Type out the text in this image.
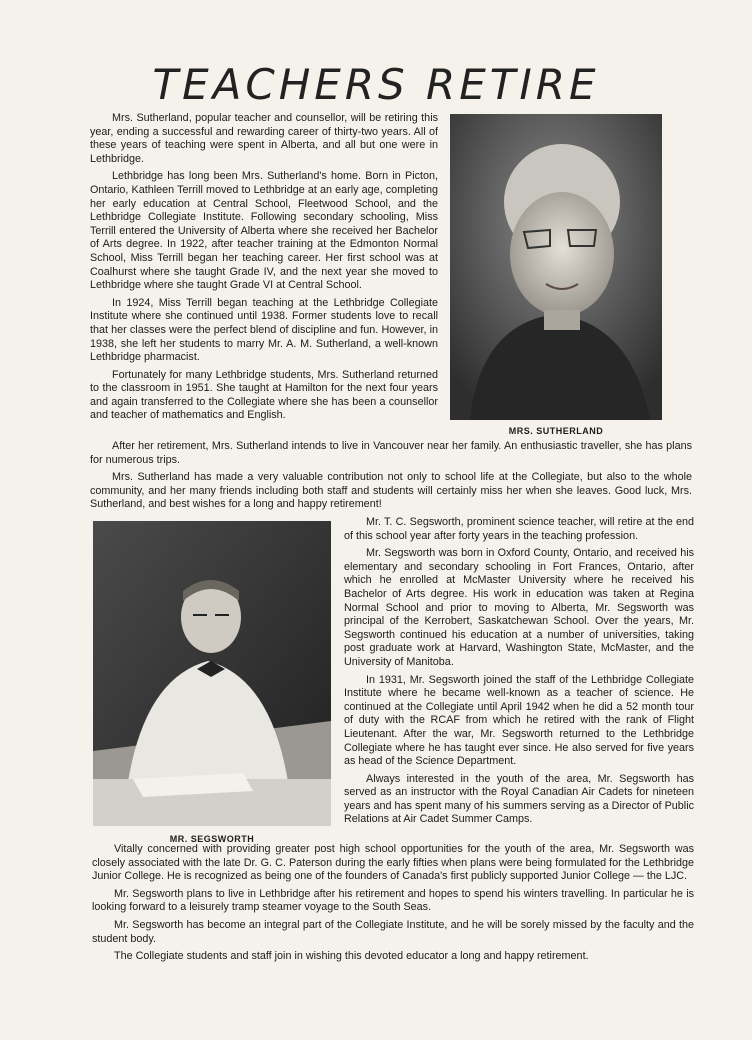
TEACHERS RETIRE

Mrs. Sutherland, popular teacher and counsellor, will be retiring this year, ending a successful and rewarding career of thirty-two years. All of these years of teaching were spent in Alberta, and all but one were in Lethbridge.

Lethbridge has long been Mrs. Sutherland's home. Born in Picton, Ontario, Kathleen Terrill moved to Lethbridge at an early age, completing her early education at Central School, Fleetwood School, and the Lethbridge Collegiate Institute. Following secondary schooling, Miss Terrill entered the University of Alberta where she received her Bachelor of Arts degree. In 1922, after teacher training at the Edmonton Normal School, Miss Terrill began her teaching career. Her first school was at Coalhurst where she taught Grade IV, and the next year she moved to Lethbridge where she taught Grade VI at Central School.

In 1924, Miss Terrill began teaching at the Lethbridge Collegiate Institute where she continued until 1938. Former students love to recall that her classes were the perfect blend of discipline and fun. However, in 1938, she left her students to marry Mr. A. M. Sutherland, a well-known Lethbridge pharmacist.

Fortunately for many Lethbridge students, Mrs. Sutherland returned to the classroom in 1951. She taught at Hamilton for the next four years and again transferred to the Collegiate where she has been a counsellor and teacher of mathematics and English.

MRS. SUTHERLAND

After her retirement, Mrs. Sutherland intends to live in Vancouver near her family. An enthusiastic traveller, she has plans for numerous trips.

Mrs. Sutherland has made a very valuable contribution not only to school life at the Collegiate, but also to the whole community, and her many friends including both staff and students will certainly miss her when she leaves. Good luck, Mrs. Sutherland, and best wishes for a long and happy retirement!

MR. SEGSWORTH

Mr. T. C. Segsworth, prominent science teacher, will retire at the end of this school year after forty years in the teaching profession.

Mr. Segsworth was born in Oxford County, Ontario, and received his elementary and secondary schooling in Fort Frances, Ontario, after which he enrolled at McMaster University where he received his Bachelor of Arts degree. His work in education was taken at Regina Normal School and prior to moving to Alberta, Mr. Segsworth was principal of the Kerrobert, Saskatchewan School. Over the years, Mr. Segsworth continued his education at a number of universities, taking post graduate work at Harvard, Washington State, McMaster, and the University of Manitoba.

In 1931, Mr. Segsworth joined the staff of the Lethbridge Collegiate Institute where he became well-known as a teacher of science. He continued at the Collegiate until April 1942 when he did a 52 month tour of duty with the RCAF from which he retired with the rank of Flight Lieutenant. After the war, Mr. Segsworth returned to the Lethbridge Collegiate where he has taught ever since. He also served for five years as head of the Science Department.

Always interested in the youth of the area, Mr. Segsworth has served as an instructor with the Royal Canadian Air Cadets for nineteen years and has spent many of his summers serving as a Director of Public Relations at Air Cadet Summer Camps.

Vitally concerned with providing greater post high school opportunities for the youth of the area, Mr. Segsworth was closely associated with the late Dr. G. C. Paterson during the early fifties when plans were being formulated for the Lethbridge Junior College. He is recognized as being one of the founders of Canada's first publicly supported Junior College — the LJC.

Mr. Segsworth plans to live in Lethbridge after his retirement and hopes to spend his winters travelling. In particular he is looking forward to a leisurely tramp steamer voyage to the South Seas.

Mr. Segsworth has become an integral part of the Collegiate Institute, and he will be sorely missed by the faculty and the student body.

The Collegiate students and staff join in wishing this devoted educator a long and happy retirement.
